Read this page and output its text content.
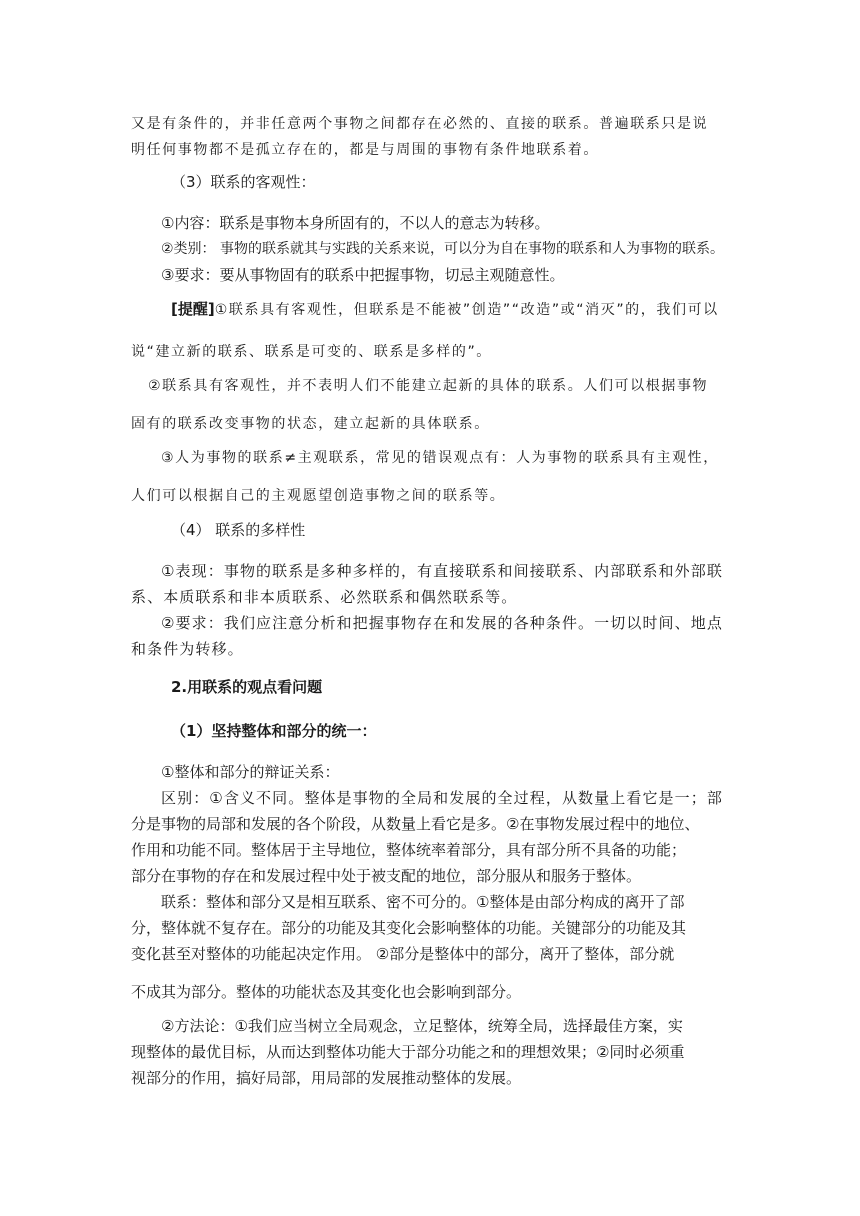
又是有条件的，并非任意两个事物之间都存在必然的、直接的联系。普遍联系只是说
明任何事物都不是孤立存在的，都是与周围的事物有条件地联系着。
（3）联系的客观性：
①内容：联系是事物本身所固有的，不以人的意志为转移。
②类别： 事物的联系就其与实践的关系来说，可以分为自在事物的联系和人为事物的联系。
③要求：要从事物固有的联系中把握事物，切忌主观随意性。
[提醒]①联系具有客观性，但联系是不能被”创造”“改造”或“消灭”的，我们可以
说“建立新的联系、联系是可变的、联系是多样的”。
②联系具有客观性，并不表明人们不能建立起新的具体的联系。人们可以根据事物
固有的联系改变事物的状态，建立起新的具体联系。
③人为事物的联系≠主观联系，常见的错误观点有：人为事物的联系具有主观性，
人们可以根据自己的主观愿望创造事物之间的联系等。
（4） 联系的多样性
①表现：事物的联系是多种多样的，有直接联系和间接联系、内部联系和外部联
系、本质联系和非本质联系、必然联系和偶然联系等。
②要求：我们应注意分析和把握事物存在和发展的各种条件。一切以时间、地点
和条件为转移。
2.用联系的观点看问题
（1）坚持整体和部分的统一：
①整体和部分的辩证关系：
区别：①含义不同。整体是事物的全局和发展的全过程，从数量上看它是一；部
分是事物的局部和发展的各个阶段，从数量上看它是多。②在事物发展过程中的地位、
作用和功能不同。整体居于主导地位，整体统率着部分，具有部分所不具备的功能；
部分在事物的存在和发展过程中处于被支配的地位，部分服从和服务于整体。
联系：整体和部分又是相互联系、密不可分的。①整体是由部分构成的离开了部
分，整体就不复存在。部分的功能及其变化会影响整体的功能。关键部分的功能及其
变化甚至对整体的功能起决定作用。 ②部分是整体中的部分，离开了整体，部分就
不成其为部分。整体的功能状态及其变化也会影响到部分。
②方法论：①我们应当树立全局观念，立足整体，统筹全局，选择最佳方案，实
现整体的最优目标，从而达到整体功能大于部分功能之和的理想效果；②同时必须重
视部分的作用，搞好局部，用局部的发展推动整体的发展。
